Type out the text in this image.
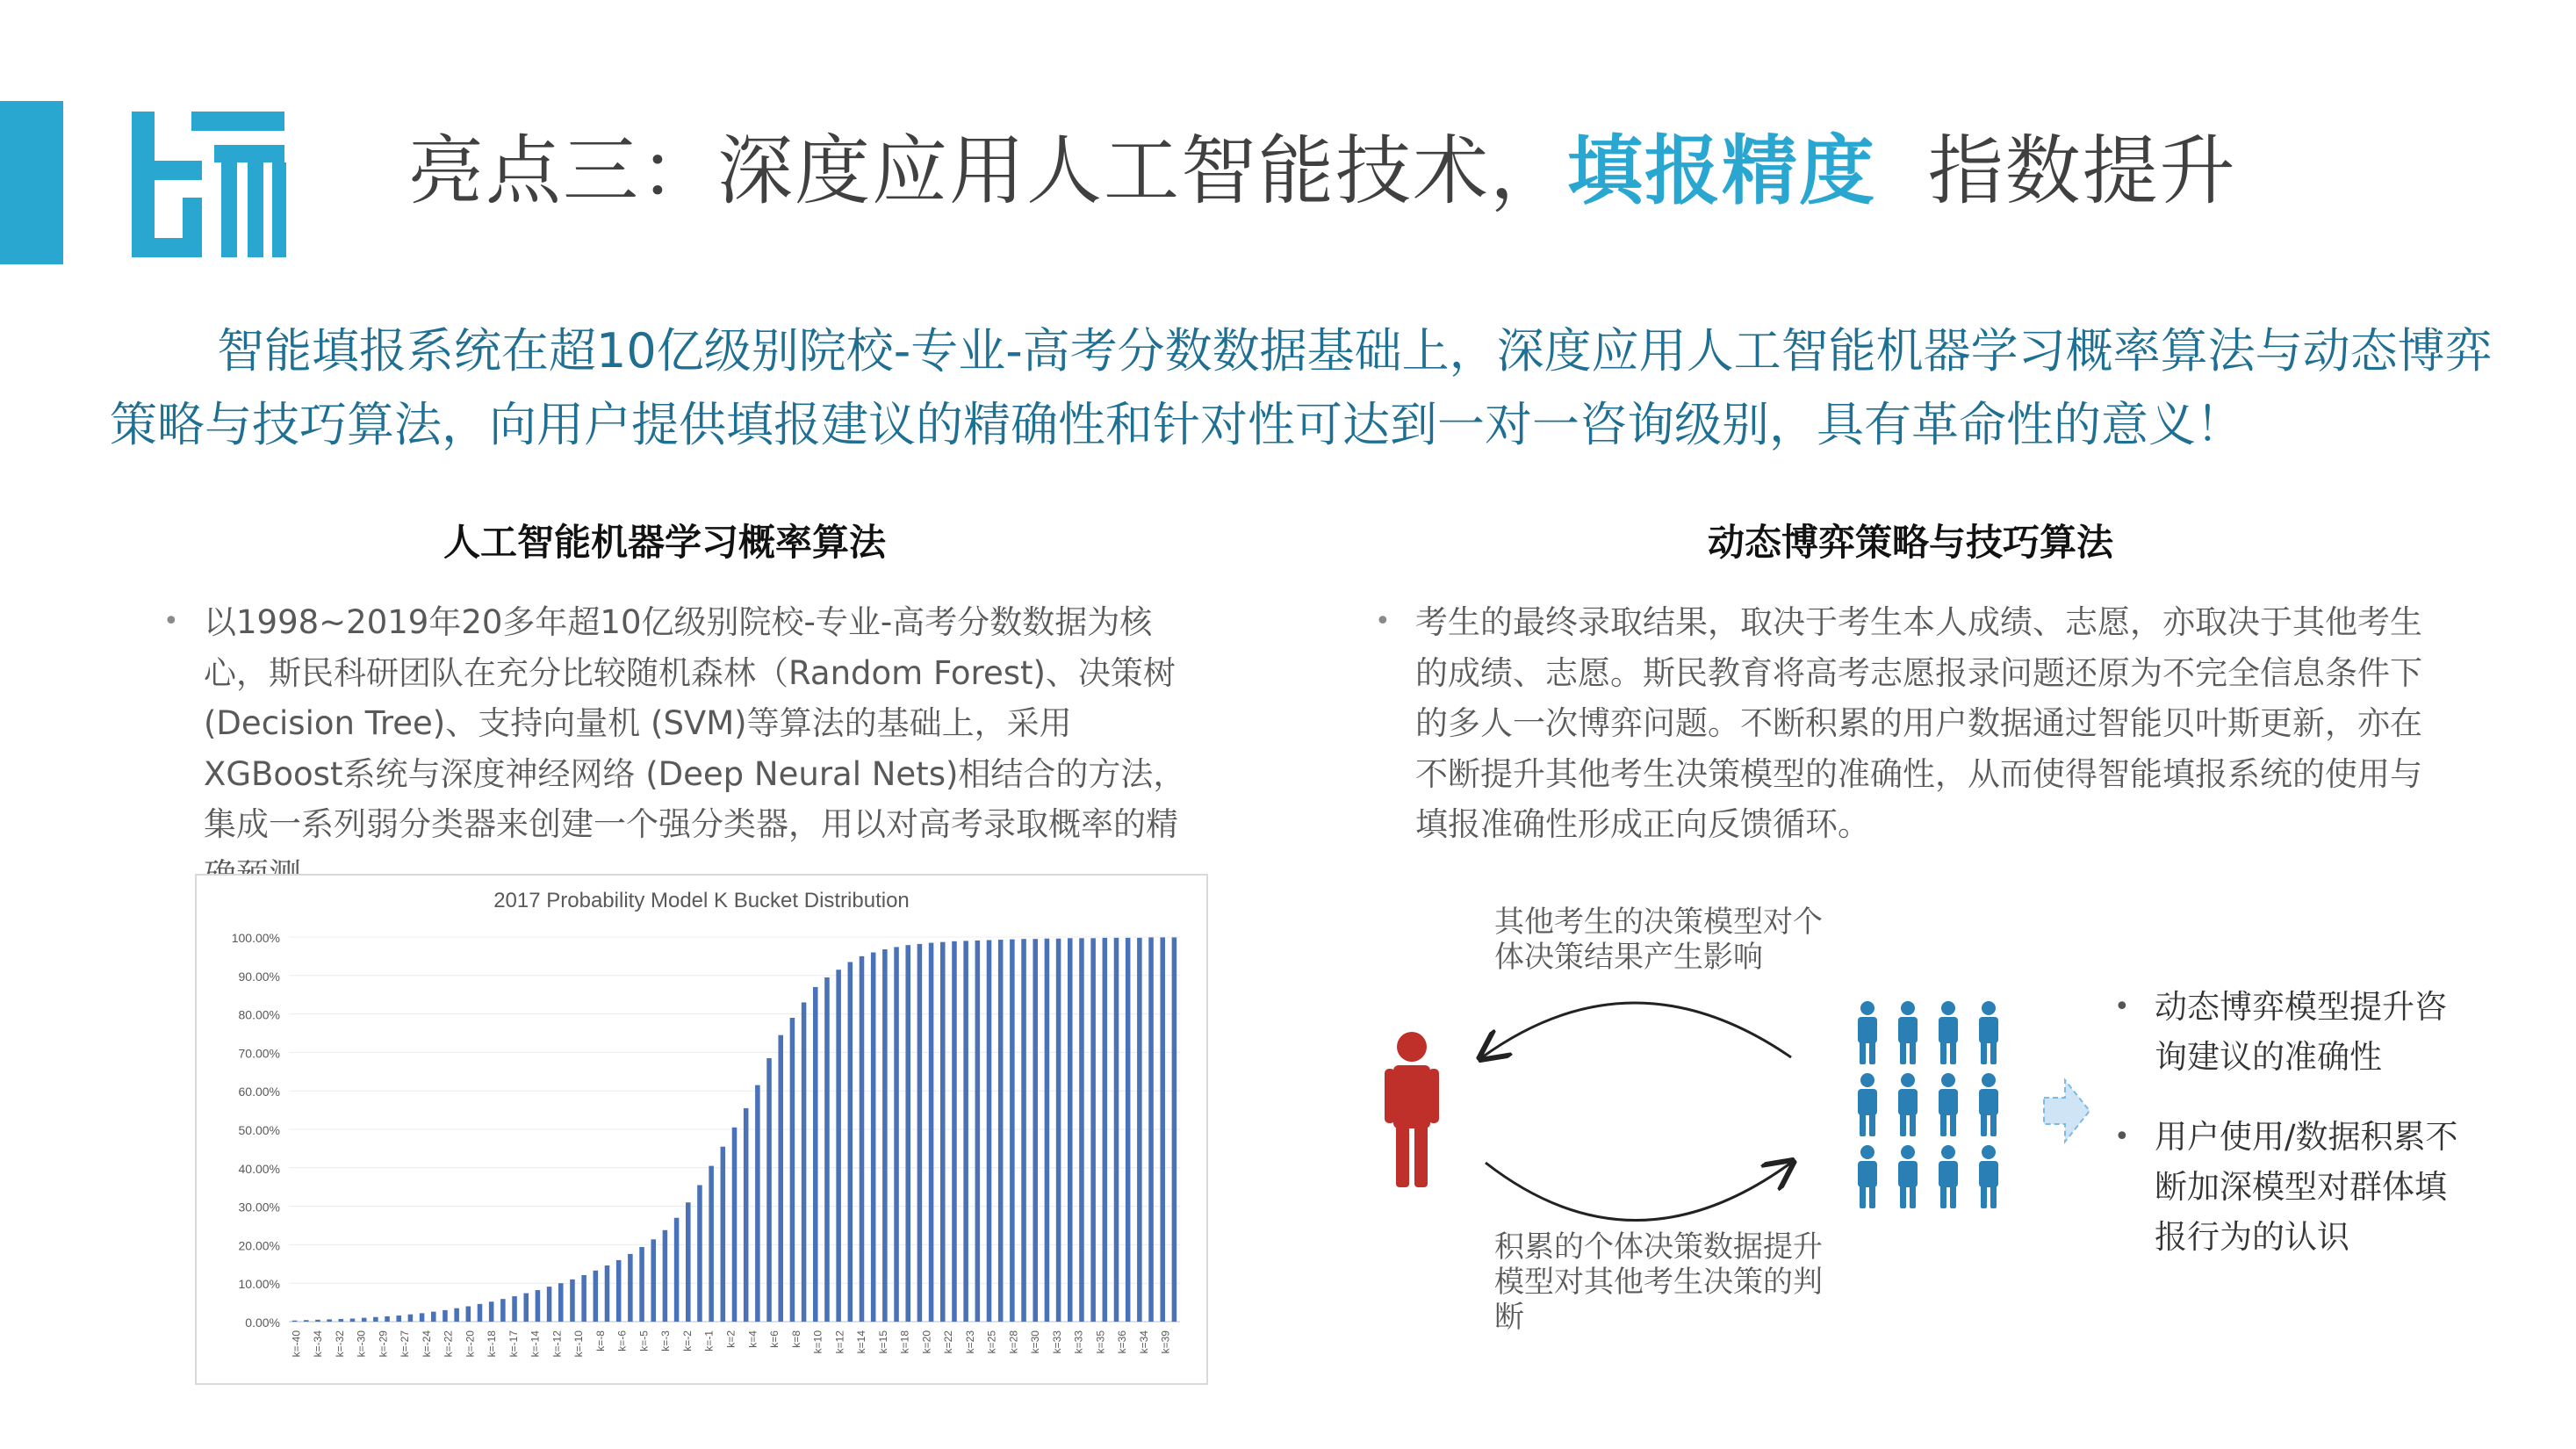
亮点三：深度应用人工智能技术，填报精度 指数提升
智能填报系统在超10亿级别院校-专业-高考分数数据基础上，深度应用人工智能机器学习概率算法与动态博弈策略与技巧算法，向用户提供填报建议的精确性和针对性可达到一对一咨询级别，具有革命性的意义！
人工智能机器学习概率算法
• 以1998~2019年20多年超10亿级别院校-专业-高考分数数据为核心，斯民科研团队在充分比较随机森林（Random Forest)、决策树(Decision Tree)、支持向量机 (SVM)等算法的基础上，采用XGBoost系统与深度神经网络 (Deep Neural Nets)相结合的方法，集成一系列弱分类器来创建一个强分类器，用以对高考录取概率的精
动态博弈策略与技巧算法
• 考生的最终录取结果，取决于考生本人成绩、志愿，亦取决于其他考生的成绩、志愿。斯民教育将高考志愿报录问题还原为不完全信息条件下的多人一次博弈问题。不断积累的用户数据通过智能贝叶斯更新，亦在不断提升其他考生决策模型的准确性，从而使得智能填报系统的使用与填报准确性形成正向反馈循环。
2017 Probability Model K Bucket Distribution
0.00%
10.00%
20.00%
30.00%
40.00%
50.00%
60.00%
70.00%
80.00%
90.00%
100.00%
k=-40 k=-34 k=-32 k=-30 k=-29 k=-27 k=-24 k=-22 k=-20 k=-18 k=-17 k=-14 k=-12 k=-10 k=-8 k=-6 k=-5 k=-3 k=-2 k=-1 k=2 k=4 k=6 k=8 k=10 k=12 k=14 k=15 k=18 k=20 k=22 k=23 k=25 k=28 k=30 k=33 k=33 k=35 k=36 k=34 k=39
其他考生的决策模型对个体决策结果产生影响
积累的个体决策数据提升模型对其他考生决策的判断
• 动态博弈模型提升咨询建议的准确性
• 用户使用/数据积累不断加深模型对群体填报行为的认识
